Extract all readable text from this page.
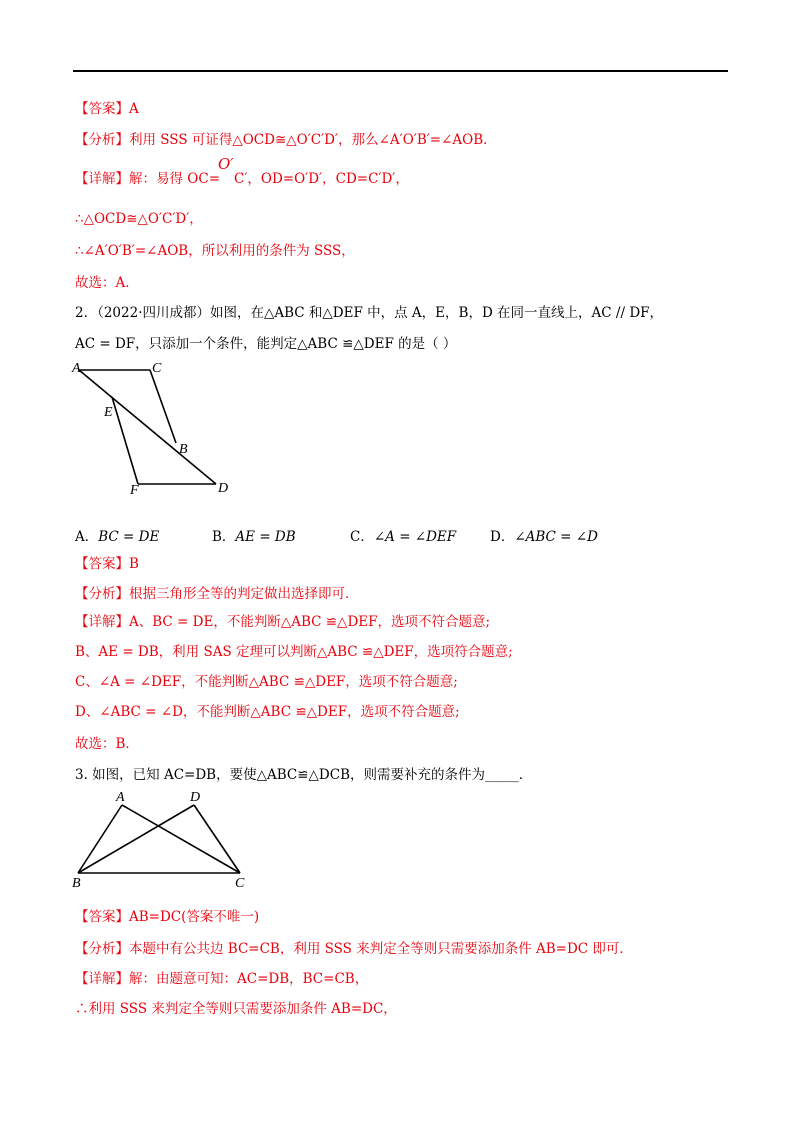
【答案】A
【分析】利用 SSS 可证得△OCD≅△O′C′D′，那么∠A′O′B′=∠AOB．
O′
【详解】解：易得 OC= C′，OD=O′D′，CD=C′D′，
∴△OCD≅△O′C′D′，
∴∠A′O′B′=∠AOB，所以利用的条件为 SSS，
故选：A．
2．（2022·四川成都）如图，在△ABC 和△DEF 中，点 A，E，B，D 在同一直线上，AC // DF，
AC = DF，只添加一个条件，能判定△ABC ≌△DEF 的是（ ）
A	C
E
B
F	D
A．BC = DE	B．AE = DB	C．∠A = ∠DEF	D．∠ABC = ∠D
【答案】B
【分析】根据三角形全等的判定做出选择即可．
【详解】A、BC = DE，不能判断△ABC ≌△DEF，选项不符合题意;
B、AE = DB，利用 SAS 定理可以判断△ABC ≌△DEF，选项符合题意;
C、∠A = ∠DEF，不能判断△ABC ≌△DEF，选项不符合题意;
D、∠ABC = ∠D，不能判断△ABC ≌△DEF，选项不符合题意;
故选：B．
3. 如图，已知 AC=DB，要使△ABC≌△DCB，则需要补充的条件为_____．
A	D
B	C
【答案】AB=DC(答案不唯一)
【分析】本题中有公共边 BC=CB，利用 SSS 来判定全等则只需要添加条件 AB=DC 即可．
【详解】解：由题意可知：AC=DB，BC=CB，
∴利用 SSS 来判定全等则只需要添加条件 AB=DC，
